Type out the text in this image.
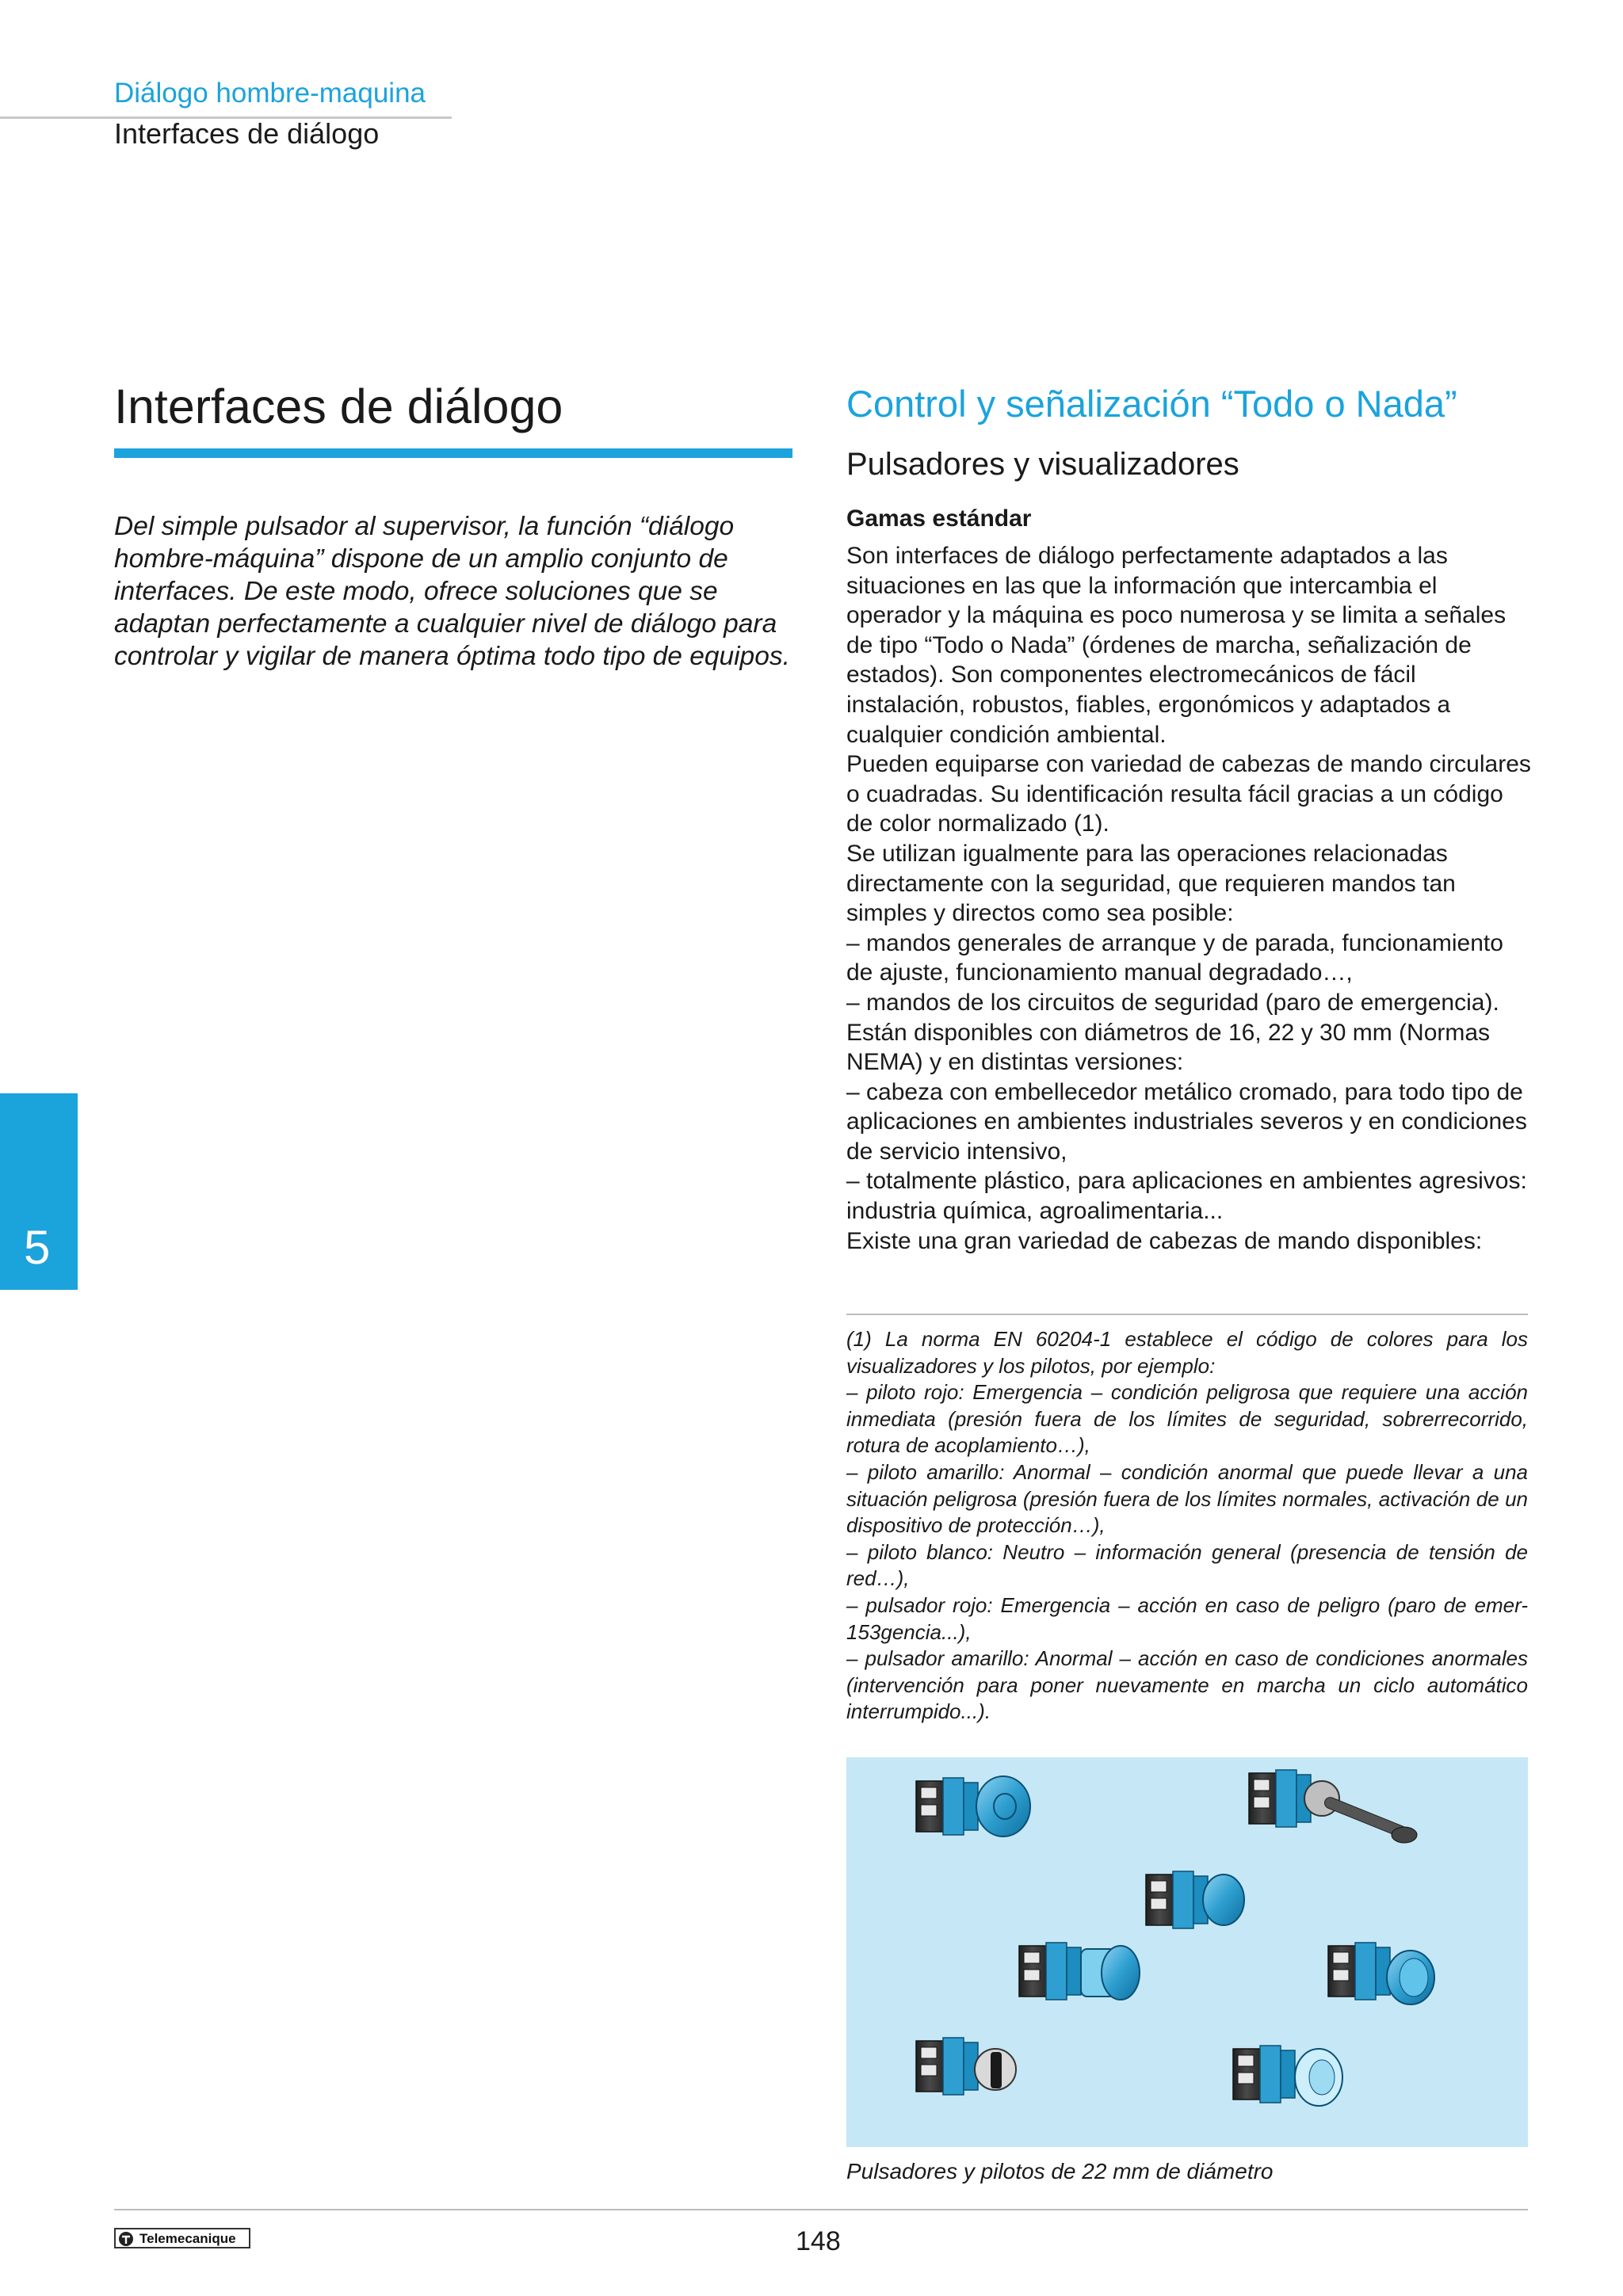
Diálogo hombre-maquina
Interfaces de diálogo
Interfaces de diálogo
Del simple pulsador al supervisor, la función “diálogo hombre-máquina” dispone de un amplio conjunto de interfaces. De este modo, ofrece soluciones que se adaptan perfectamente a cualquier nivel de diálogo para controlar y vigilar de manera óptima todo tipo de equipos.
5
Control y señalización “Todo o Nada”
Pulsadores y visualizadores
Gamas estándar

Son interfaces de diálogo perfectamente adaptados a las situaciones en las que la información que intercambia el operador y la máquina es poco numerosa y se limita a señales de tipo “Todo o Nada” (órdenes de marcha, señalización de estados). Son componentes electromecánicos de fácil instalación, robustos, fiables, ergonómicos y adaptados a cualquier condición ambiental.

Pueden equiparse con variedad de cabezas de mando circulares o cuadradas. Su identificación resulta fácil gracias a un código de color normalizado (1).

Se utilizan igualmente para las operaciones relacionadas directamente con la seguridad, que requieren mandos tan simples y directos como sea posible:

– mandos generales de arranque y de parada, funcionamiento de ajuste, funcionamiento manual degradado…,

– mandos de los circuitos de seguridad (paro de emergencia).

Están disponibles con diámetros de 16, 22 y 30 mm (Normas NEMA) y en distintas versiones:

– cabeza con embellecedor metálico cromado, para todo tipo de aplicaciones en ambientes industriales severos y en condiciones de servicio intensivo,

– totalmente plástico, para aplicaciones en ambientes agresivos: industria química, agroalimentaria...

Existe una gran variedad de cabezas de mando disponibles:

(1) La norma EN 60204-1 establece el código de colores para los visualizadores y los pilotos, por ejemplo:

– piloto rojo: Emergencia – condición peligrosa que requiere una acción inmediata (presión fuera de los límites de seguridad, sobrerrecorrido, rotura de acoplamiento…),

– piloto amarillo: Anormal – condición anormal que puede llevar a una situación peligrosa (presión fuera de los límites normales, activación de un dispositivo de protección…),

– piloto blanco: Neutro – información general (presencia de tensión de red…),

– pulsador rojo: Emergencia – acción en caso de peligro (paro de emer-153gencia...),

– pulsador amarillo: Anormal – acción en caso de condiciones anormales (intervención para poner nuevamente en marcha un ciclo automático interrumpido...).

Pulsadores y pilotos de 22 mm de diámetro
Telemecanique	148
